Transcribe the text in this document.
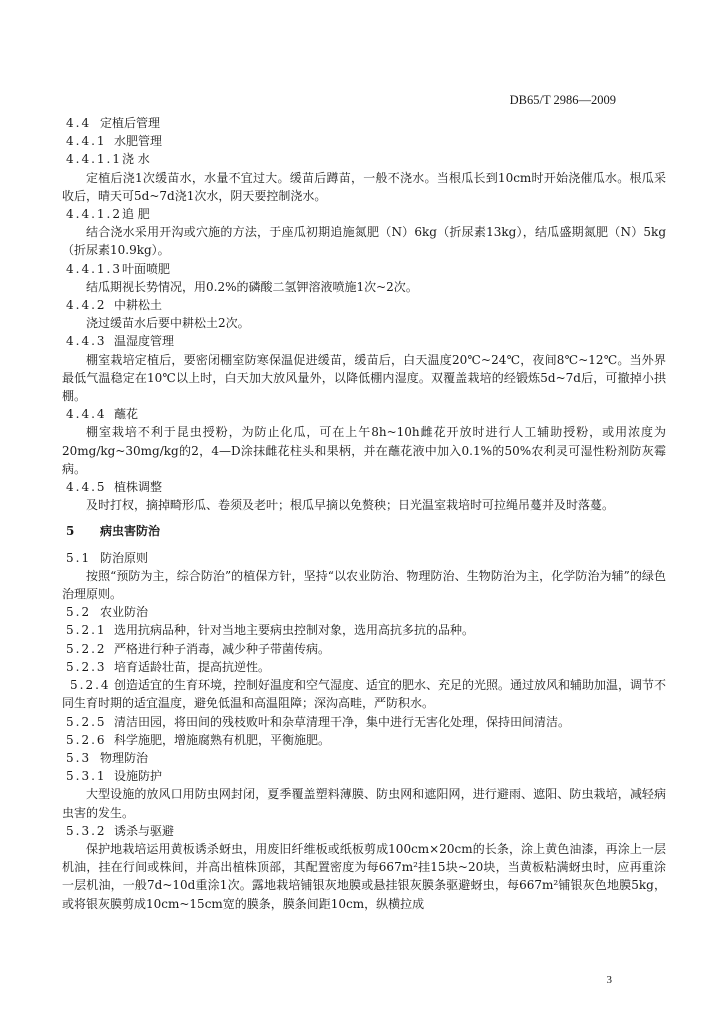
DB65/T 2986—2009
4.4 定植后管理
4.4.1 水肥管理
4.4.1.1浇 水
定植后浇1次缓苗水，水量不宜过大。缓苗后蹲苗，一般不浇水。当根瓜长到10cm时开始浇催瓜水。根瓜采收后，晴天可5d~7d浇1次水，阴天要控制浇水。
4.4.1.2追 肥
结合浇水采用开沟或穴施的方法，于座瓜初期追施氮肥（N）6kg（折尿素13kg），结瓜盛期氮肥（N）5kg（折尿素10.9kg）。
4.4.1.3叶面喷肥
结瓜期视长势情况，用0.2%的磷酸二氢钾溶液喷施1次~2次。
4.4.2 中耕松土
浇过缓苗水后要中耕松土2次。
4.4.3 温湿度管理
棚室栽培定植后，要密闭棚室防寒保温促进缓苗，缓苗后，白天温度20℃~24℃，夜间8℃~12℃。当外界最低气温稳定在10℃以上时，白天加大放风量外，以降低棚内湿度。双覆盖栽培的经锻炼5d~7d后，可撤掉小拱棚。
4.4.4 蘸花
棚室栽培不利于昆虫授粉，为防止化瓜，可在上午8h~10h雌花开放时进行人工辅助授粉，或用浓度为20mg/kg~30mg/kg的2，4—D涂抹雌花柱头和果柄，并在蘸花液中加入0.1%的50%农利灵可湿性粉剂防灰霉病。
4.4.5 植株调整
及时打杈，摘掉畸形瓜、卷须及老叶；根瓜早摘以免赘秧；日光温室栽培时可拉绳吊蔓并及时落蔓。
5 病虫害防治
5.1 防治原则
按照“预防为主，综合防治”的植保方针，坚持“以农业防治、物理防治、生物防治为主，化学防治为辅”的绿色治理原则。
5.2 农业防治
5.2.1 选用抗病品种，针对当地主要病虫控制对象，选用高抗多抗的品种。
5.2.2 严格进行种子消毒，减少种子带菌传病。
5.2.3 培育适龄壮苗，提高抗逆性。
5.2.4 创造适宜的生育环境，控制好温度和空气湿度、适宜的肥水、充足的光照。通过放风和辅助加温，调节不同生育时期的适宜温度，避免低温和高温阻障；深沟高畦，严防积水。
5.2.5 清洁田园，将田间的残枝败叶和杂草清理干净，集中进行无害化处理，保持田间清洁。
5.2.6 科学施肥，增施腐熟有机肥，平衡施肥。
5.3 物理防治
5.3.1 设施防护
大型设施的放风口用防虫网封闭，夏季覆盖塑料薄膜、防虫网和遮阳网，进行避雨、遮阳、防虫栽培，减轻病虫害的发生。
5.3.2 诱杀与驱避
保护地栽培运用黄板诱杀蚜虫，用废旧纤维板或纸板剪成100cm×20cm的长条，涂上黄色油漆，再涂上一层机油，挂在行间或株间，并高出植株顶部，其配置密度为每667m²挂15块~20块，当黄板粘满蚜虫时，应再重涂一层机油，一般7d~10d重涂1次。露地栽培铺银灰地膜或悬挂银灰膜条驱避蚜虫，每667m²铺银灰色地膜5kg，或将银灰膜剪成10cm~15cm宽的膜条，膜条间距10cm，纵横拉成
3
